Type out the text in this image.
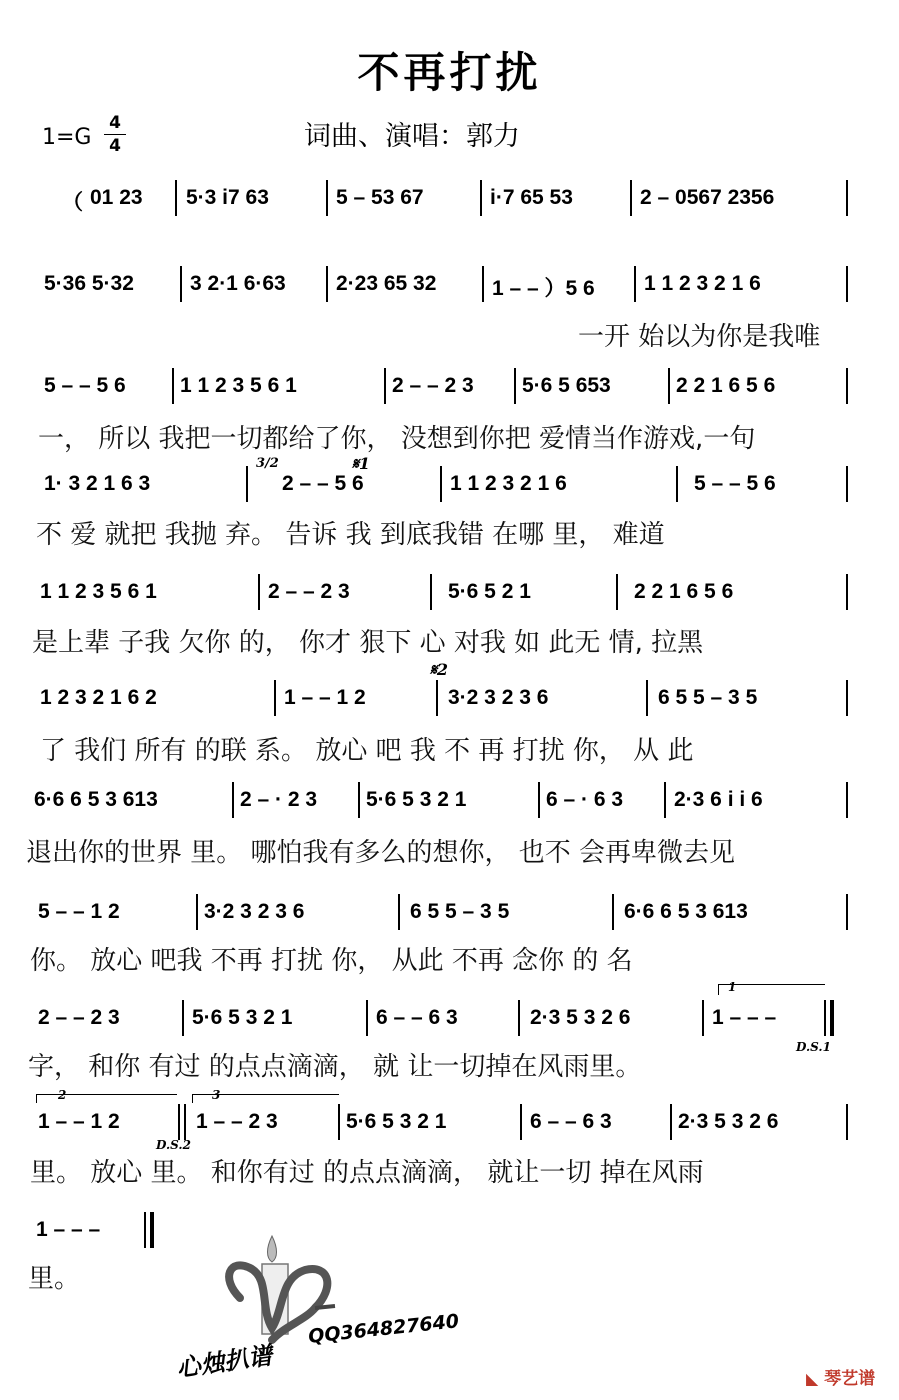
不再打扰
1=G
4
4	词曲、演唱：郭力
（ 01 23 5·3 i7 63	5 – 53 67	i·7 65 53	2 – 0567 2356
5·36 5·32	3 2·1 6·63 2·23 65 32	1 – – ）5 6 1 1 2 3 2 1 6
一开 始以为你是我唯
5 – – 5 6	1 1 2 3 5 6 1	2 – – 2 3 5·6 5 653	2 2 1 6 5 6
一， 所以 我把一切都给了你， 没想到你把 爱情当作游戏,一句
1· 3 2 1 6 3	2 – – 5 6	1 1 2 3 2 1 6	5 – – 5 6
3/2	𝄋1
不 爱 就把 我抛 弃。 告诉 我 到底我错 在哪 里， 难道
1 1 2 3 5 6 1	2 – – 2 3	5·6 5 2 1	2 2 1 6 5 6
是上辈 子我 欠你 的， 你才 狠下 心 对我 如 此无 情, 拉黑
1 2 3 2 1 6 2	1 – – 1 2	3·2 3 2 3 6	6 5 5 – 3 5
𝄋2
了 我们 所有 的联 系。 放心 吧 我 不 再 打扰 你， 从 此
6·6 6 5 3 613	2 – · 2 3 5·6 5 3 2 1	6 – · 6 3 2·3 6 i i 6
退出你的世界 里。 哪怕我有多么的想你， 也不 会再卑微去见
5 – – 1 2	3·2 3 2 3 6	6 5 5 – 3 5	6·6 6 5 3 613
你。 放心 吧我 不再 打扰 你， 从此 不再 念你 的 名
2 – – 2 3	5·6 5 3 2 1	6 – – 6 3	2·3 5 3 2 6	1 – – –
1
D.S.1
字， 和你 有过 的点点滴滴， 就 让一切掉在风雨里。
1 – – 1 2	1 – – 2 3	5·6 5 3 2 1	6 – – 6 3	2·3 5 3 2 6
2	3
D.S.2
里。 放心 里。 和你有过 的点点滴滴， 就让一切 掉在风雨
1 – – –
里。
心烛扒谱
QQ364827640
◣ 琴艺谱
